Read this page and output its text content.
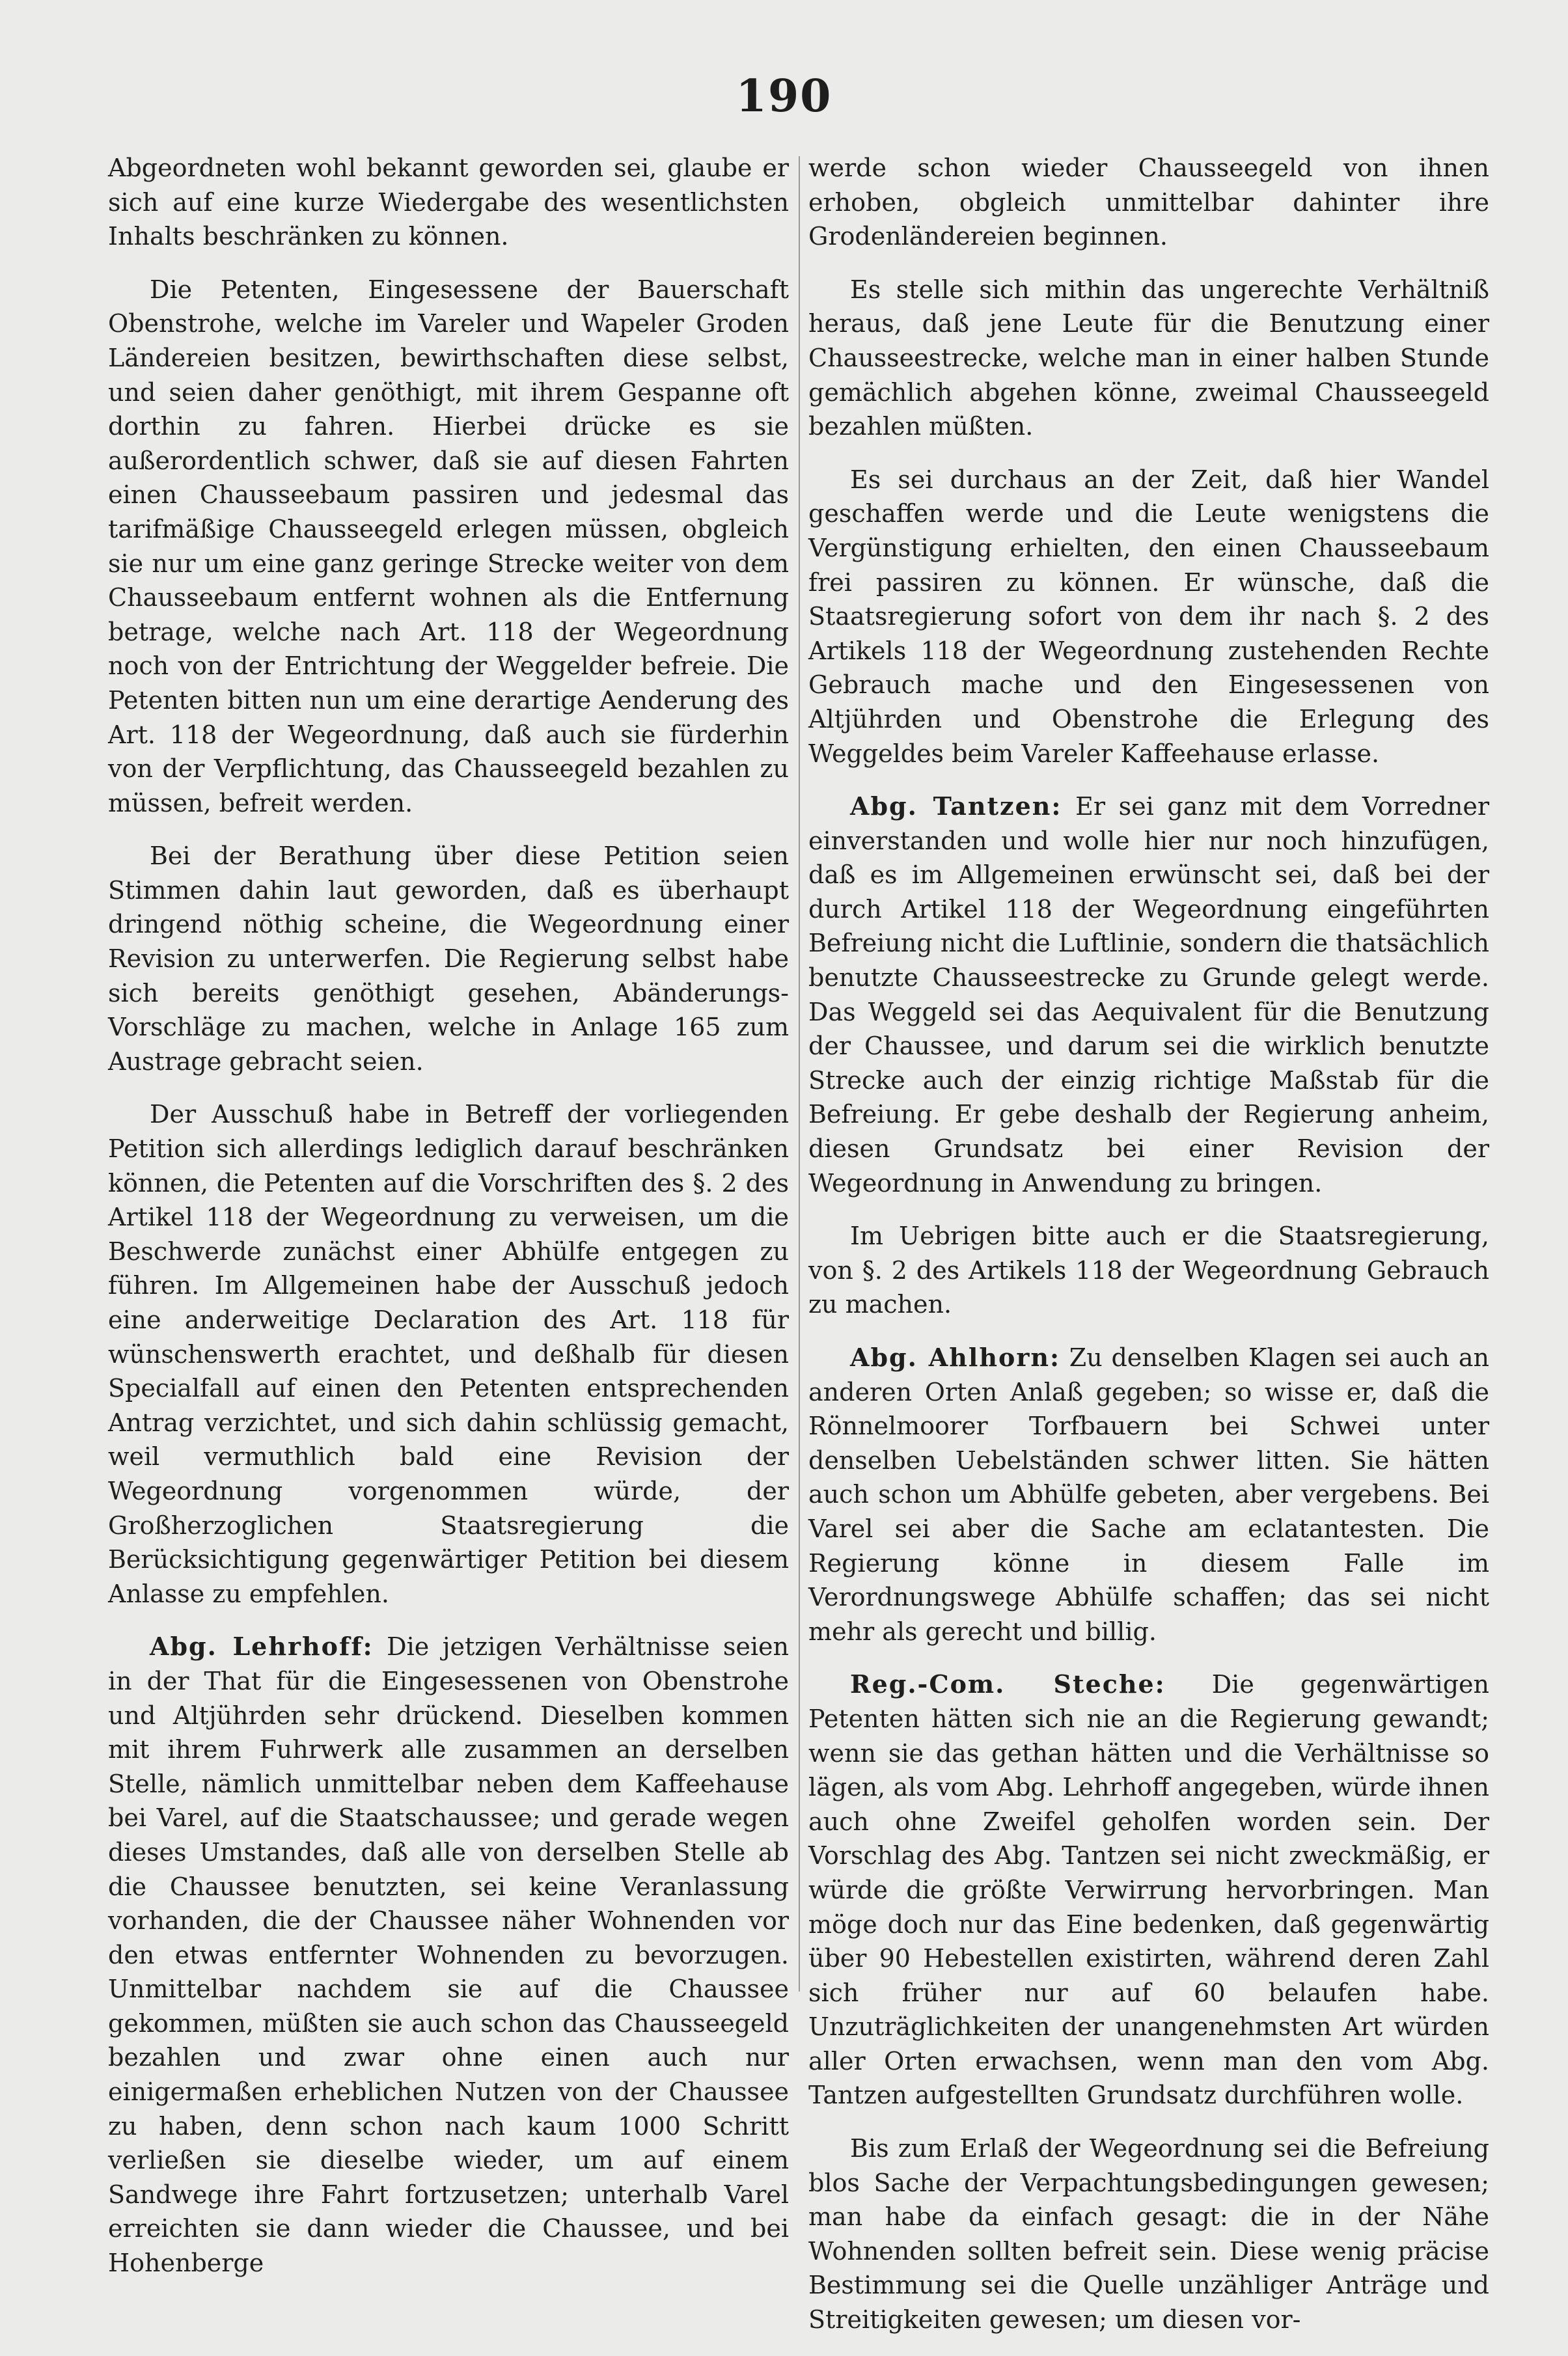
190

Abgeordneten wohl bekannt geworden sei, glaube er sich auf eine kurze Wiedergabe des wesentlichsten Inhalts beschränken zu können.

Die Petenten, Eingesessene der Bauerschaft Obenstrohe, welche im Vareler und Wapeler Groden Ländereien besitzen, bewirthschaften diese selbst, und seien daher genöthigt, mit ihrem Gespanne oft dorthin zu fahren. Hierbei drücke es sie außerordentlich schwer, daß sie auf diesen Fahrten einen Chausseebaum passiren und jedesmal das tarifmäßige Chausseegeld erlegen müssen, obgleich sie nur um eine ganz geringe Strecke weiter von dem Chausseebaum entfernt wohnen als die Entfernung betrage, welche nach Art. 118 der Wegeordnung noch von der Entrichtung der Weggelder befreie. Die Petenten bitten nun um eine derartige Aenderung des Art. 118 der Wegeordnung, daß auch sie fürderhin von der Verpflichtung, das Chausseegeld bezahlen zu müssen, befreit werden.

Bei der Berathung über diese Petition seien Stimmen dahin laut geworden, daß es überhaupt dringend nöthig scheine, die Wegeordnung einer Revision zu unterwerfen. Die Regierung selbst habe sich bereits genöthigt gesehen, Abänderungs-Vorschläge zu machen, welche in Anlage 165 zum Austrage gebracht seien.

Der Ausschuß habe in Betreff der vorliegenden Petition sich allerdings lediglich darauf beschränken können, die Petenten auf die Vorschriften des §. 2 des Artikel 118 der Wegeordnung zu verweisen, um die Beschwerde zunächst einer Abhülfe entgegen zu führen. Im Allgemeinen habe der Ausschuß jedoch eine anderweitige Declaration des Art. 118 für wünschenswerth erachtet, und deßhalb für diesen Specialfall auf einen den Petenten entsprechenden Antrag verzichtet, und sich dahin schlüssig gemacht, weil vermuthlich bald eine Revision der Wegeordnung vorgenommen würde, der Großherzoglichen Staatsregierung die Berücksichtigung gegenwärtiger Petition bei diesem Anlasse zu empfehlen.

Abg. Lehrhoff: Die jetzigen Verhältnisse seien in der That für die Eingesessenen von Obenstrohe und Altjührden sehr drückend. Dieselben kommen mit ihrem Fuhrwerk alle zusammen an derselben Stelle, nämlich unmittelbar neben dem Kaffeehause bei Varel, auf die Staatschaussee; und gerade wegen dieses Umstandes, daß alle von derselben Stelle ab die Chaussee benutzten, sei keine Veranlassung vorhanden, die der Chaussee näher Wohnenden vor den etwas entfernter Wohnenden zu bevorzugen. Unmittelbar nachdem sie auf die Chaussee gekommen, müßten sie auch schon das Chausseegeld bezahlen und zwar ohne einen auch nur einigermaßen erheblichen Nutzen von der Chaussee zu haben, denn schon nach kaum 1000 Schritt verließen sie dieselbe wieder, um auf einem Sandwege ihre Fahrt fortzusetzen; unterhalb Varel erreichten sie dann wieder die Chaussee, und bei Hohenberge

werde schon wieder Chausseegeld von ihnen erhoben, obgleich unmittelbar dahinter ihre Grodenländereien beginnen.

Es stelle sich mithin das ungerechte Verhältniß heraus, daß jene Leute für die Benutzung einer Chausseestrecke, welche man in einer halben Stunde gemächlich abgehen könne, zweimal Chausseegeld bezahlen müßten.

Es sei durchaus an der Zeit, daß hier Wandel geschaffen werde und die Leute wenigstens die Vergünstigung erhielten, den einen Chausseebaum frei passiren zu können. Er wünsche, daß die Staatsregierung sofort von dem ihr nach §. 2 des Artikels 118 der Wegeordnung zustehenden Rechte Gebrauch mache und den Eingesessenen von Altjührden und Obenstrohe die Erlegung des Weggeldes beim Vareler Kaffeehause erlasse.

Abg. Tantzen: Er sei ganz mit dem Vorredner einverstanden und wolle hier nur noch hinzufügen, daß es im Allgemeinen erwünscht sei, daß bei der durch Artikel 118 der Wegeordnung eingeführten Befreiung nicht die Luftlinie, sondern die thatsächlich benutzte Chausseestrecke zu Grunde gelegt werde. Das Weggeld sei das Aequivalent für die Benutzung der Chaussee, und darum sei die wirklich benutzte Strecke auch der einzig richtige Maßstab für die Befreiung. Er gebe deshalb der Regierung anheim, diesen Grundsatz bei einer Revision der Wegeordnung in Anwendung zu bringen.

Im Uebrigen bitte auch er die Staatsregierung, von §. 2 des Artikels 118 der Wegeordnung Gebrauch zu machen.

Abg. Ahlhorn: Zu denselben Klagen sei auch an anderen Orten Anlaß gegeben; so wisse er, daß die Rönnelmoorer Torfbauern bei Schwei unter denselben Uebelständen schwer litten. Sie hätten auch schon um Abhülfe gebeten, aber vergebens. Bei Varel sei aber die Sache am eclatantesten. Die Regierung könne in diesem Falle im Verordnungswege Abhülfe schaffen; das sei nicht mehr als gerecht und billig.

Reg.-Com. Steche: Die gegenwärtigen Petenten hätten sich nie an die Regierung gewandt; wenn sie das gethan hätten und die Verhältnisse so lägen, als vom Abg. Lehrhoff angegeben, würde ihnen auch ohne Zweifel geholfen worden sein. Der Vorschlag des Abg. Tantzen sei nicht zweckmäßig, er würde die größte Verwirrung hervorbringen. Man möge doch nur das Eine bedenken, daß gegenwärtig über 90 Hebestellen existirten, während deren Zahl sich früher nur auf 60 belaufen habe. Unzuträglichkeiten der unangenehmsten Art würden aller Orten erwachsen, wenn man den vom Abg. Tantzen aufgestellten Grundsatz durchführen wolle.

Bis zum Erlaß der Wegeordnung sei die Befreiung blos Sache der Verpachtungsbedingungen gewesen; man habe da einfach gesagt: die in der Nähe Wohnenden sollten befreit sein. Diese wenig präcise Bestimmung sei die Quelle unzähliger Anträge und Streitigkeiten gewesen; um diesen vor-
